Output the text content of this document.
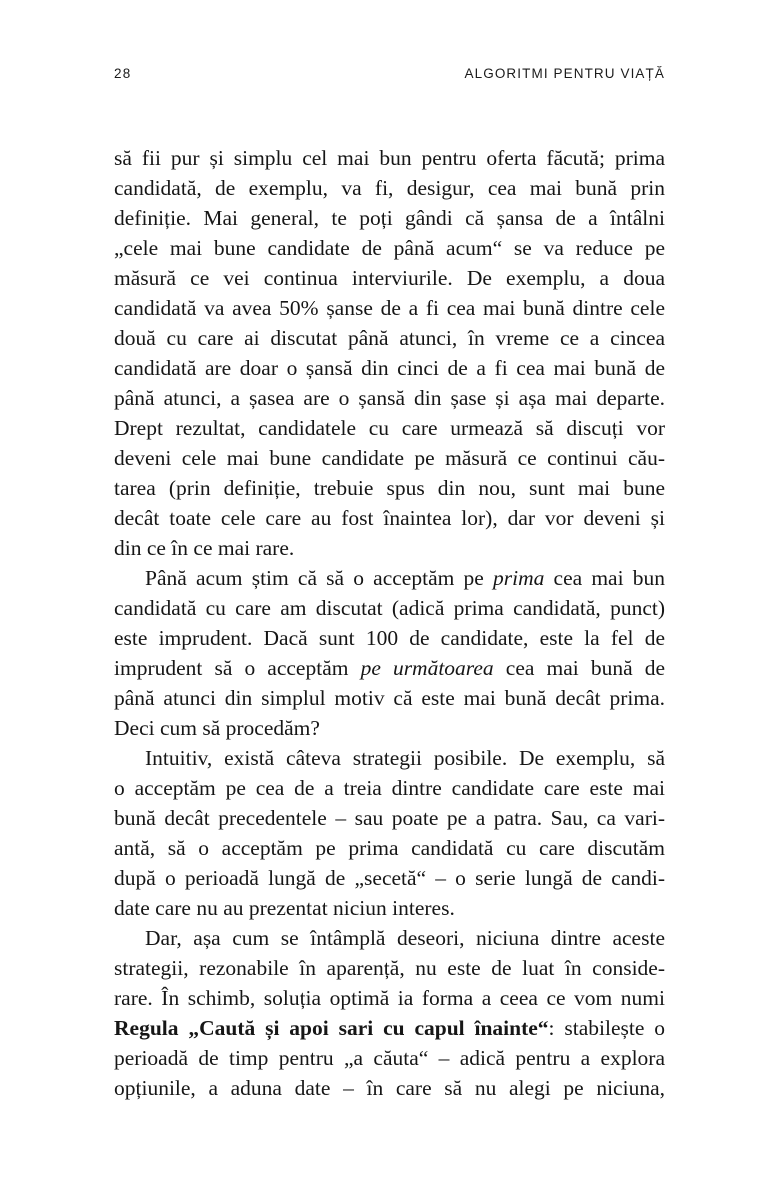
28	ALGORITMI PENTRU VIAȚĂ
să fii pur și simplu cel mai bun pentru oferta făcută; prima
candidată, de exemplu, va fi, desigur, cea mai bună prin
definiție. Mai general, te poți gândi că șansa de a întâlni
„cele mai bune candidate de până acum“ se va reduce pe
măsură ce vei continua interviurile. De exemplu, a doua
candidată va avea 50% șanse de a fi cea mai bună dintre cele
două cu care ai discutat până atunci, în vreme ce a cincea
candidată are doar o șansă din cinci de a fi cea mai bună de
până atunci, a șasea are o șansă din șase și așa mai departe.
Drept rezultat, candidatele cu care urmează să discuți vor
deveni cele mai bune candidate pe măsură ce continui cău-
tarea (prin definiție, trebuie spus din nou, sunt mai bune
decât toate cele care au fost înaintea lor), dar vor deveni și
din ce în ce mai rare.
Până acum știm că să o acceptăm pe prima cea mai bun
candidată cu care am discutat (adică prima candidată, punct)
este imprudent. Dacă sunt 100 de candidate, este la fel de
imprudent să o acceptăm pe următoarea cea mai bună de
până atunci din simplul motiv că este mai bună decât prima.
Deci cum să procedăm?
Intuitiv, există câteva strategii posibile. De exemplu, să
o acceptăm pe cea de a treia dintre candidate care este mai
bună decât precedentele – sau poate pe a patra. Sau, ca vari-
antă, să o acceptăm pe prima candidată cu care discutăm
după o perioadă lungă de „secetă“ – o serie lungă de candi-
date care nu au prezentat niciun interes.
Dar, așa cum se întâmplă deseori, niciuna dintre aceste
strategii, rezonabile în aparență, nu este de luat în conside-
rare. În schimb, soluția optimă ia forma a ceea ce vom numi
Regula „Caută și apoi sari cu capul înainte“: stabilește o
perioadă de timp pentru „a căuta“ – adică pentru a explora
opțiunile, a aduna date – în care să nu alegi pe niciuna,
